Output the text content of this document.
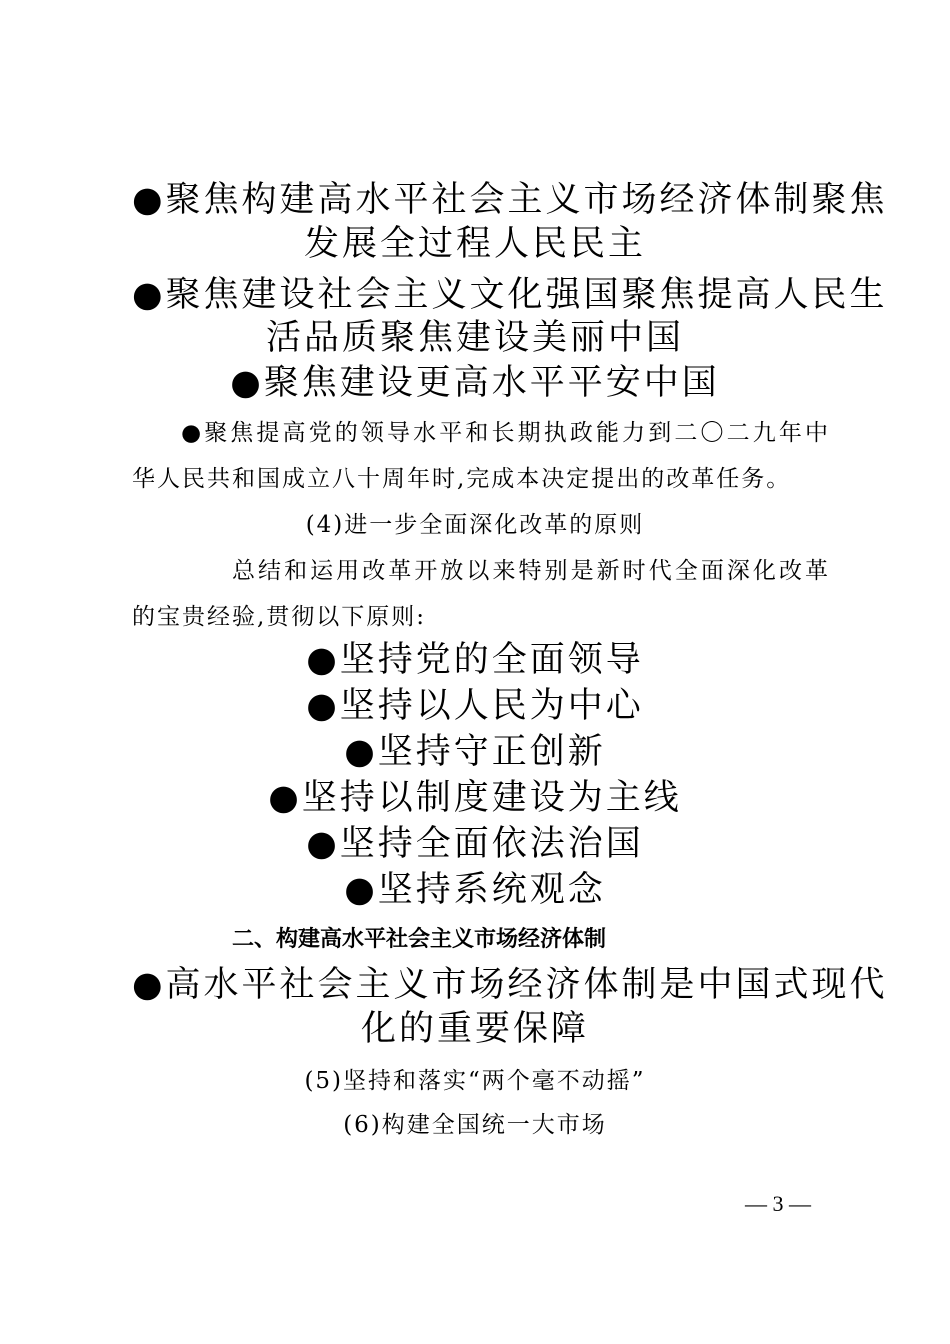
●聚焦构建高水平社会主义市场经济体制聚焦
发展全过程人民民主
●聚焦建设社会主义文化强国聚焦提高人民生
活品质聚焦建设美丽中国
●聚焦建设更高水平平安中国
●聚焦提高党的领导水平和长期执政能力到二〇二九年中
华人民共和国成立八十周年时,完成本决定提出的改革任务。
(4)进一步全面深化改革的原则
总结和运用改革开放以来特别是新时代全面深化改革
的宝贵经验,贯彻以下原则:
●坚持党的全面领导
●坚持以人民为中心
●坚持守正创新
●坚持以制度建设为主线
●坚持全面依法治国
●坚持系统观念
二、构建高水平社会主义市场经济体制
●高水平社会主义市场经济体制是中国式现代
化的重要保障
(5)坚持和落实“两个毫不动摇”
(6)构建全国统一大市场
— 3 —
